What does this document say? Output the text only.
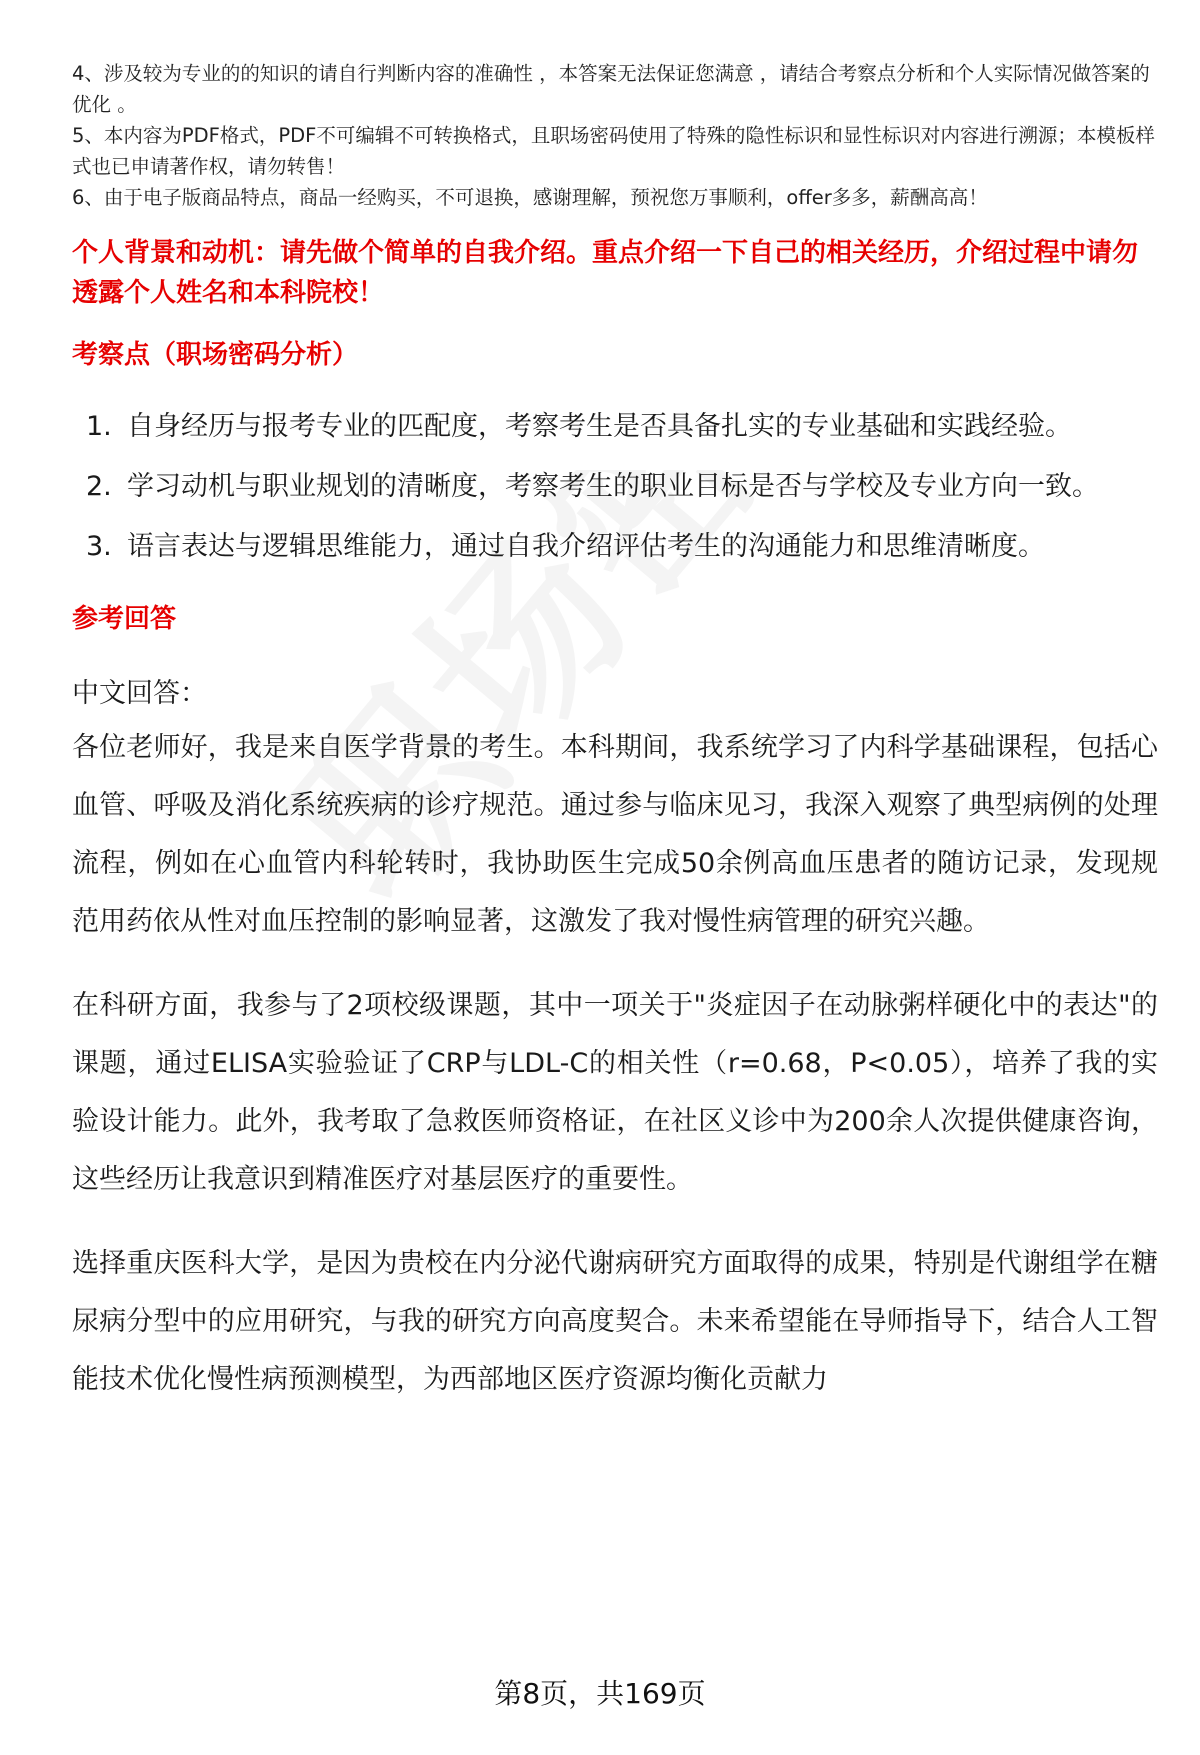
4、涉及较为专业的的知识的请自行判断内容的准确性 ，本答案无法保证您满意 ，请结合考察点分析和个人实际情况做答案的优化 。

5、本内容为PDF格式，PDF不可编辑不可转换格式，且职场密码使用了特殊的隐性标识和显性标识对内容进行溯源；本模板样式也已申请著作权，请勿转售！

6、由于电子版商品特点，商品一经购买，不可退换，感谢理解，预祝您万事顺利，offer多多，薪酬高高！

个人背景和动机：请先做个简单的自我介绍。重点介绍一下自己的相关经历，介绍过程中请勿透露个人姓名和本科院校！
考察点（职场密码分析）
1. 自身经历与报考专业的匹配度，考察考生是否具备扎实的专业基础和实践经验。
2. 学习动机与职业规划的清晰度，考察考生的职业目标是否与学校及专业方向一致。
3. 语言表达与逻辑思维能力，通过自我介绍评估考生的沟通能力和思维清晰度。
参考回答

中文回答：

各位老师好，我是来自医学背景的考生。本科期间，我系统学习了内科学基础课程，包括心血管、呼吸及消化系统疾病的诊疗规范。通过参与临床见习，我深入观察了典型病例的处理流程，例如在心血管内科轮转时，我协助医生完成50余例高血压患者的随访记录，发现规范用药依从性对血压控制的影响显著，这激发了我对慢性病管理的研究兴趣。

在科研方面，我参与了2项校级课题，其中一项关于"炎症因子在动脉粥样硬化中的表达"的课题，通过ELISA实验验证了CRP与LDL-C的相关性（r=0.68，P<0.05），培养了我的实验设计能力。此外，我考取了急救医师资格证，在社区义诊中为200余人次提供健康咨询，这些经历让我意识到精准医疗对基层医疗的重要性。

选择重庆医科大学，是因为贵校在内分泌代谢病研究方面取得的成果，特别是代谢组学在糖尿病分型中的应用研究，与我的研究方向高度契合。未来希望能在导师指导下，结合人工智能技术优化慢性病预测模型，为西部地区医疗资源均衡化贡献力

第8页，共169页
